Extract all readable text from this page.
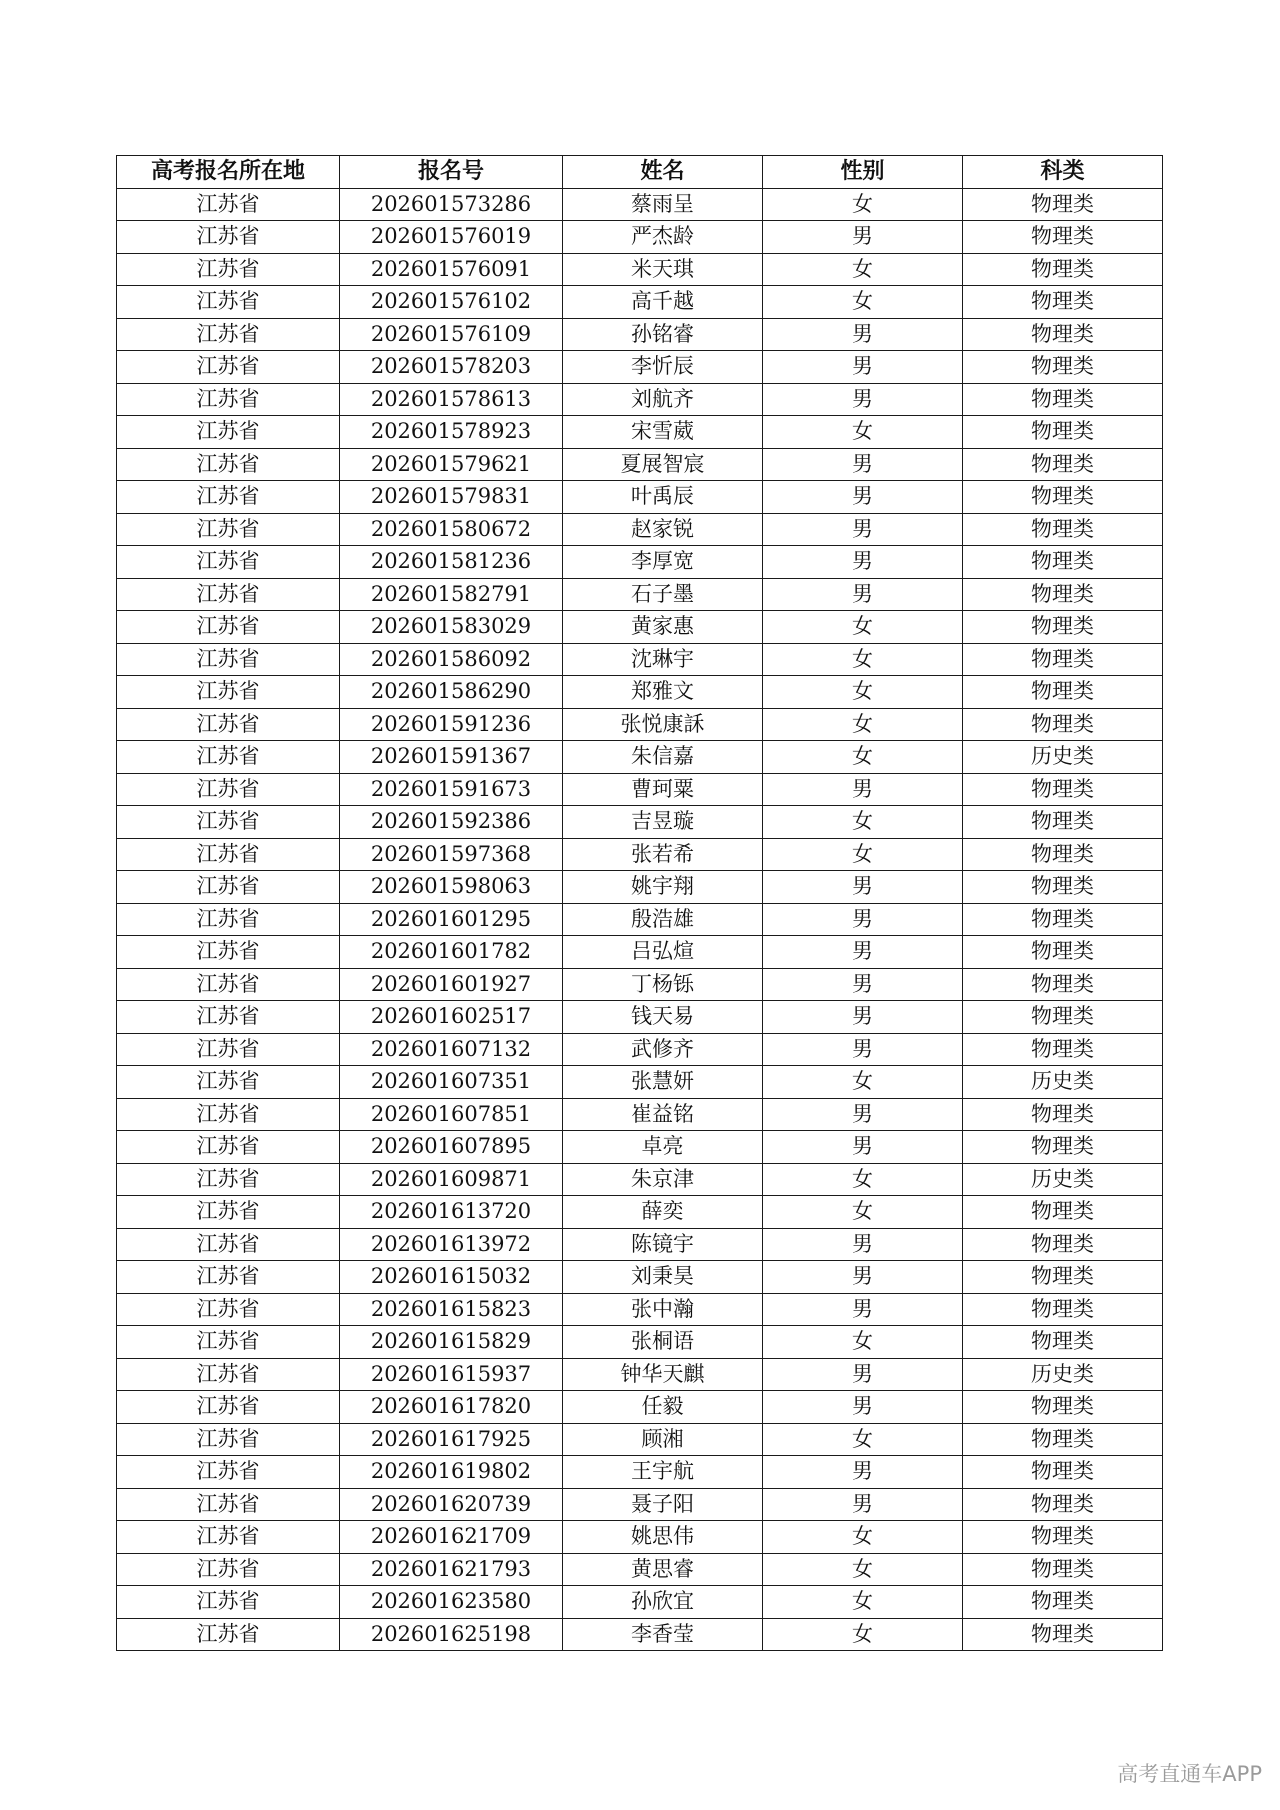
高考报名所在地	报名号	姓名	性别	科类
江苏省	202601573286	蔡雨呈	女	物理类
江苏省	202601576019	严杰龄	男	物理类
江苏省	202601576091	米天琪	女	物理类
江苏省	202601576102	高千越	女	物理类
江苏省	202601576109	孙铭睿	男	物理类
江苏省	202601578203	李忻辰	男	物理类
江苏省	202601578613	刘航齐	男	物理类
江苏省	202601578923	宋雪葳	女	物理类
江苏省	202601579621	夏展智宸	男	物理类
江苏省	202601579831	叶禹辰	男	物理类
江苏省	202601580672	赵家锐	男	物理类
江苏省	202601581236	李厚宽	男	物理类
江苏省	202601582791	石子墨	男	物理类
江苏省	202601583029	黄家惠	女	物理类
江苏省	202601586092	沈琳宇	女	物理类
江苏省	202601586290	郑雅文	女	物理类
江苏省	202601591236	张悦康訸	女	物理类
江苏省	202601591367	朱信嘉	女	历史类
江苏省	202601591673	曹珂粟	男	物理类
江苏省	202601592386	吉昱璇	女	物理类
江苏省	202601597368	张若希	女	物理类
江苏省	202601598063	姚宇翔	男	物理类
江苏省	202601601295	殷浩雄	男	物理类
江苏省	202601601782	吕弘煊	男	物理类
江苏省	202601601927	丁杨铄	男	物理类
江苏省	202601602517	钱天易	男	物理类
江苏省	202601607132	武修齐	男	物理类
江苏省	202601607351	张慧妍	女	历史类
江苏省	202601607851	崔益铭	男	物理类
江苏省	202601607895	卓亮	男	物理类
江苏省	202601609871	朱京津	女	历史类
江苏省	202601613720	薛奕	女	物理类
江苏省	202601613972	陈镜宇	男	物理类
江苏省	202601615032	刘秉昊	男	物理类
江苏省	202601615823	张中瀚	男	物理类
江苏省	202601615829	张桐语	女	物理类
江苏省	202601615937	钟华天麒	男	历史类
江苏省	202601617820	任毅	男	物理类
江苏省	202601617925	顾湘	女	物理类
江苏省	202601619802	王宇航	男	物理类
江苏省	202601620739	聂子阳	男	物理类
江苏省	202601621709	姚思伟	女	物理类
江苏省	202601621793	黄思睿	女	物理类
江苏省	202601623580	孙欣宜	女	物理类
江苏省	202601625198	李香莹	女	物理类
高考直通车APP
